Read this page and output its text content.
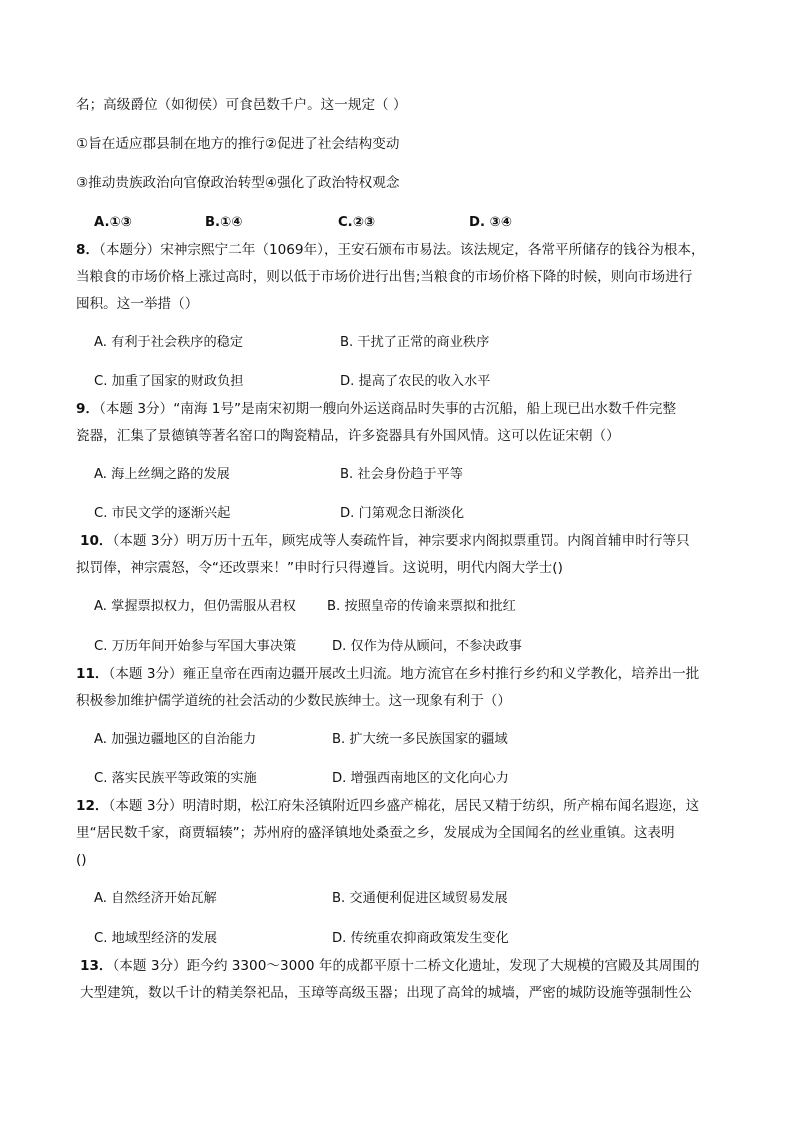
名；高级爵位（如彻侯）可食邑数千户。这一规定（ ）
①旨在适应郡县制在地方的推行②促进了社会结构变动
③推动贵族政治向官僚政治转型④强化了政治特权观念
A.①③	B.①④	C.②③	D. ③④
8．（本题分）宋神宗熙宁二年（1069年），王安石颁布市易法。该法规定，各常平所储存的钱谷为根本，
当粮食的市场价格上涨过高时，则以低于市场价进行出售;当粮食的市场价格下降的时候，则向市场进行
囤积。这一举措（）
A. 有利于社会秩序的稳定	B. 干扰了正常的商业秩序
C. 加重了国家的财政负担	D. 提高了农民的收入水平
9．（本题 3分）“南海 1号”是南宋初期一艘向外运送商品时失事的古沉船，船上现已出水数千件完整
瓷器，汇集了景德镇等著名窑口的陶瓷精品，许多瓷器具有外国风情。这可以佐证宋朝（）
A. 海上丝绸之路的发展	B. 社会身份趋于平等
C. 市民文学的逐渐兴起	D. 门第观念日渐淡化
10．（本题 3分）明万历十五年，顾宪成等人奏疏忤旨，神宗要求内阁拟票重罚。内阁首辅申时行等只
拟罚俸，神宗震怒，令“还改票来！”申时行只得遵旨。这说明，明代内阁大学士()
A. 掌握票拟权力，但仍需服从君权 B. 按照皇帝的传谕来票拟和批红
C. 万历年间开始参与军国大事决策	D. 仅作为侍从顾问，不参决政事
11．（本题 3分）雍正皇帝在西南边疆开展改土归流。地方流官在乡村推行乡约和义学教化，培养出一批
积极参加维护儒学道统的社会活动的少数民族绅士。这一现象有利于（）
A. 加强边疆地区的自治能力	B. 扩大统一多民族国家的疆域
C. 落实民族平等政策的实施	D. 增强西南地区的文化向心力
12．（本题 3分）明清时期，松江府朱泾镇附近四乡盛产棉花，居民又精于纺织，所产棉布闻名遐迩，这
里“居民数千家，商贾辐辏”；苏州府的盛泽镇地处桑蚕之乡，发展成为全国闻名的丝业重镇。这表明
()
A. 自然经济开始瓦解	B. 交通便利促进区域贸易发展
C. 地域型经济的发展	D. 传统重农抑商政策发生变化
13．（本题 3分）距今约 3300～3000 年的成都平原十二桥文化遗址，发现了大规模的宫殿及其周围的
大型建筑，数以千计的精美祭祀品，玉璋等高级玉器；出现了高耸的城墙，严密的城防设施等强制性公
